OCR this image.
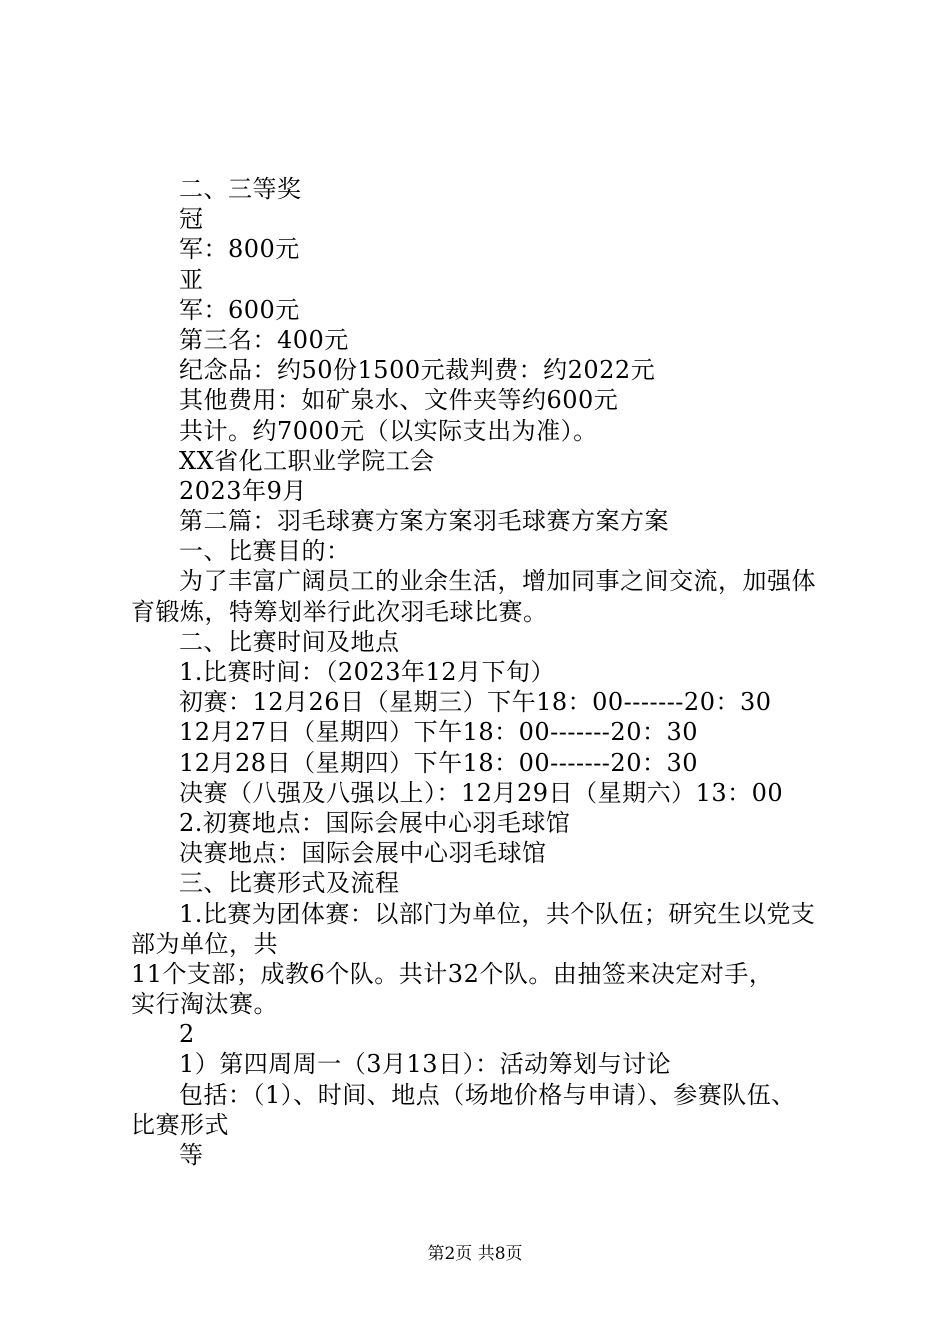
二、三等奖
冠
军：800元
亚
军：600元
第三名：400元
纪念品：约50份1500元裁判费：约2022元
其他费用：如矿泉水、文件夹等约600元
共计。约7000元（以实际支出为准）。
XX省化工职业学院工会
2023年9月
第二篇：羽毛球赛方案方案羽毛球赛方案方案
一、比赛目的：
为了丰富广阔员工的业余生活，增加同事之间交流，加强体
育锻炼，特筹划举行此次羽毛球比赛。
二、比赛时间及地点
1.比赛时间：（2023年12月下旬）
初赛：12月26日（星期三）下午18：00-------20：30
12月27日（星期四）下午18：00-------20：30
12月28日（星期四）下午18：00-------20：30
决赛（八强及八强以上）：12月29日（星期六）13：00
2.初赛地点：国际会展中心羽毛球馆
决赛地点：国际会展中心羽毛球馆
三、比赛形式及流程
1.比赛为团体赛：以部门为单位，共个队伍；研究生以党支
部为单位，共
11个支部；成教6个队。共计32个队。由抽签来决定对手，
实行淘汰赛。
2
1）第四周周一（3月13日）：活动筹划与讨论
包括：（1）、时间、地点（场地价格与申请）、参赛队伍、
比赛形式
等
第2页 共8页
